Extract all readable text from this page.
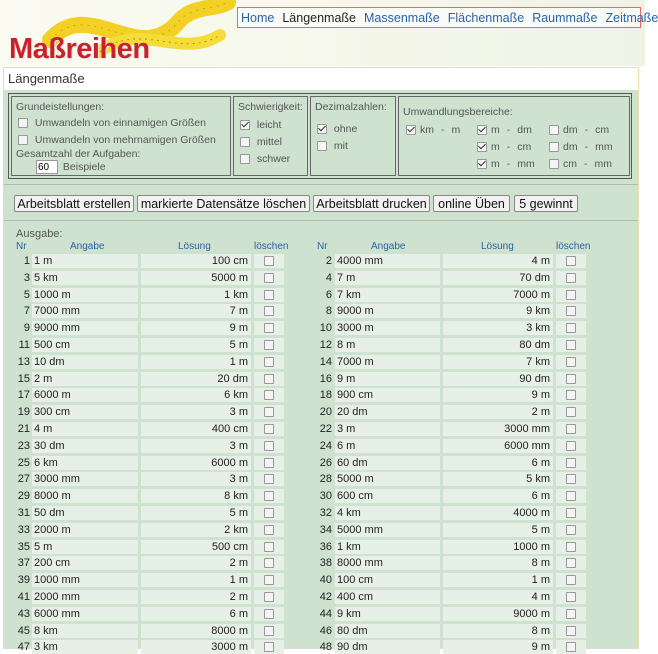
Maßreihen
Home Längenmaße Massenmaße Flächenmaße Raummaße Zeitmaße
Längenmaße
Grundeistellungen:
Umwandeln von einnamigen Größen
Umwandeln von mehrnamigen Größen
Gesamtzahl der Aufgaben:
60 Beispiele
Schwierigkeit:
leicht
mittel
schwer
Dezimalzahlen:
ohne
mit
Umwandlungsbereiche:
km - m	m - dm	dm - cm
m - cm	dm - mm
m - mm	cm - mm
Arbeitsblatt erstellen markierte Datensätze löschen Arbeitsblatt drucken online Üben	5 gewinnt
Ausgabe:
Nr	Angabe	Lösung	löschen	Nr	Angabe	Lösung	löschen
1 1 m	100 cm
3 5 km	5000 m
5 1000 m	1 km
7 7000 mm	7 m
9 9000 mm	9 m
11 500 cm	5 m
13 10 dm	1 m
15 2 m	20 dm
17 6000 m	6 km
19 300 cm	3 m
21 4 m	400 cm
23 30 dm	3 m
25 6 km	6000 m
27 3000 mm	3 m
29 8000 m	8 km
31 50 dm	5 m
33 2000 m	2 km
35 5 m	500 cm
37 200 cm	2 m
39 1000 mm	1 m
41 2000 mm	2 m
43 6000 mm	6 m
45 8 km	8000 m
47 3 km	3000 m
2 4000 mm	4 m
4 7 m	70 dm
6 7 km	7000 m
8 9000 m	9 km
10 3000 m	3 km
12 8 m	80 dm
14 7000 m	7 km
16 9 m	90 dm
18 900 cm	9 m
20 20 dm	2 m
22 3 m	3000 mm
24 6 m	6000 mm
26 60 dm	6 m
28 5000 m	5 km
30 600 cm	6 m
32 4 km	4000 m
34 5000 mm	5 m
36 1 km	1000 m
38 8000 mm	8 m
40 100 cm	1 m
42 400 cm	4 m
44 9 km	9000 m
46 80 dm	8 m
48 90 dm	9 m
